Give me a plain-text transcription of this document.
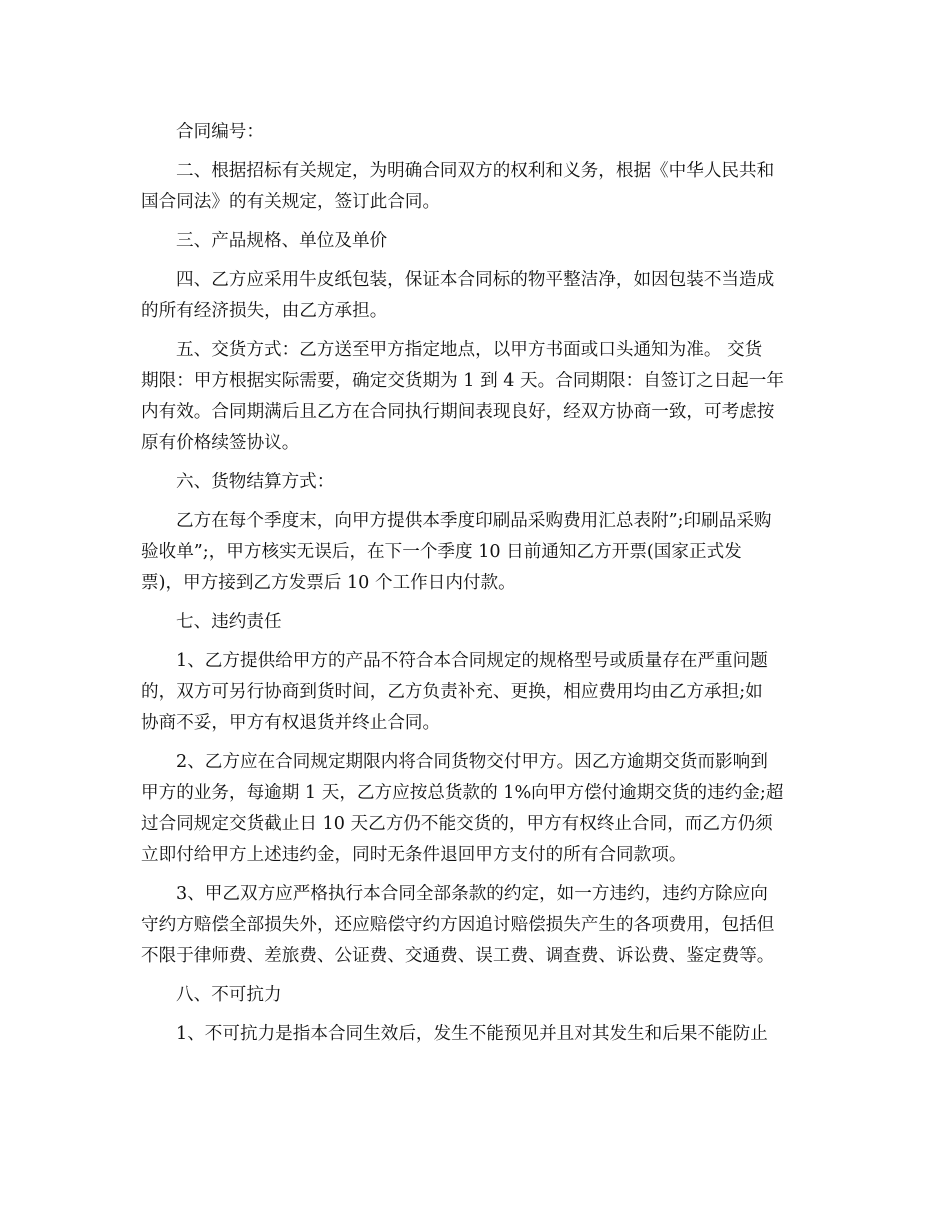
合同编号：
二、根据招标有关规定，为明确合同双方的权利和义务，根据《中华人民共和
国合同法》的有关规定，签订此合同。
三、产品规格、单位及单价
四、乙方应采用牛皮纸包装，保证本合同标的物平整洁净，如因包装不当造成
的所有经济损失，由乙方承担。
五、交货方式：乙方送至甲方指定地点，以甲方书面或口头通知为准。 交货
期限：甲方根据实际需要，确定交货期为 1 到 4 天。合同期限：自签订之日起一年
内有效。合同期满后且乙方在合同执行期间表现良好，经双方协商一致，可考虑按
原有价格续签协议。
六、货物结算方式：
乙方在每个季度末，向甲方提供本季度印刷品采购费用汇总表附”;印刷品采购
验收单”;，甲方核实无误后，在下一个季度 10 日前通知乙方开票(国家正式发
票)，甲方接到乙方发票后 10 个工作日内付款。
七、违约责任
1、乙方提供给甲方的产品不符合本合同规定的规格型号或质量存在严重问题
的，双方可另行协商到货时间，乙方负责补充、更换，相应费用均由乙方承担;如
协商不妥，甲方有权退货并终止合同。
2、乙方应在合同规定期限内将合同货物交付甲方。因乙方逾期交货而影响到
甲方的业务，每逾期 1 天，乙方应按总货款的 1%向甲方偿付逾期交货的违约金;超
过合同规定交货截止日 10 天乙方仍不能交货的，甲方有权终止合同，而乙方仍须
立即付给甲方上述违约金，同时无条件退回甲方支付的所有合同款项。
3、甲乙双方应严格执行本合同全部条款的约定，如一方违约，违约方除应向
守约方赔偿全部损失外，还应赔偿守约方因追讨赔偿损失产生的各项费用，包括但
不限于律师费、差旅费、公证费、交通费、误工费、调查费、诉讼费、鉴定费等。
八、不可抗力
1、不可抗力是指本合同生效后，发生不能预见并且对其发生和后果不能防止
